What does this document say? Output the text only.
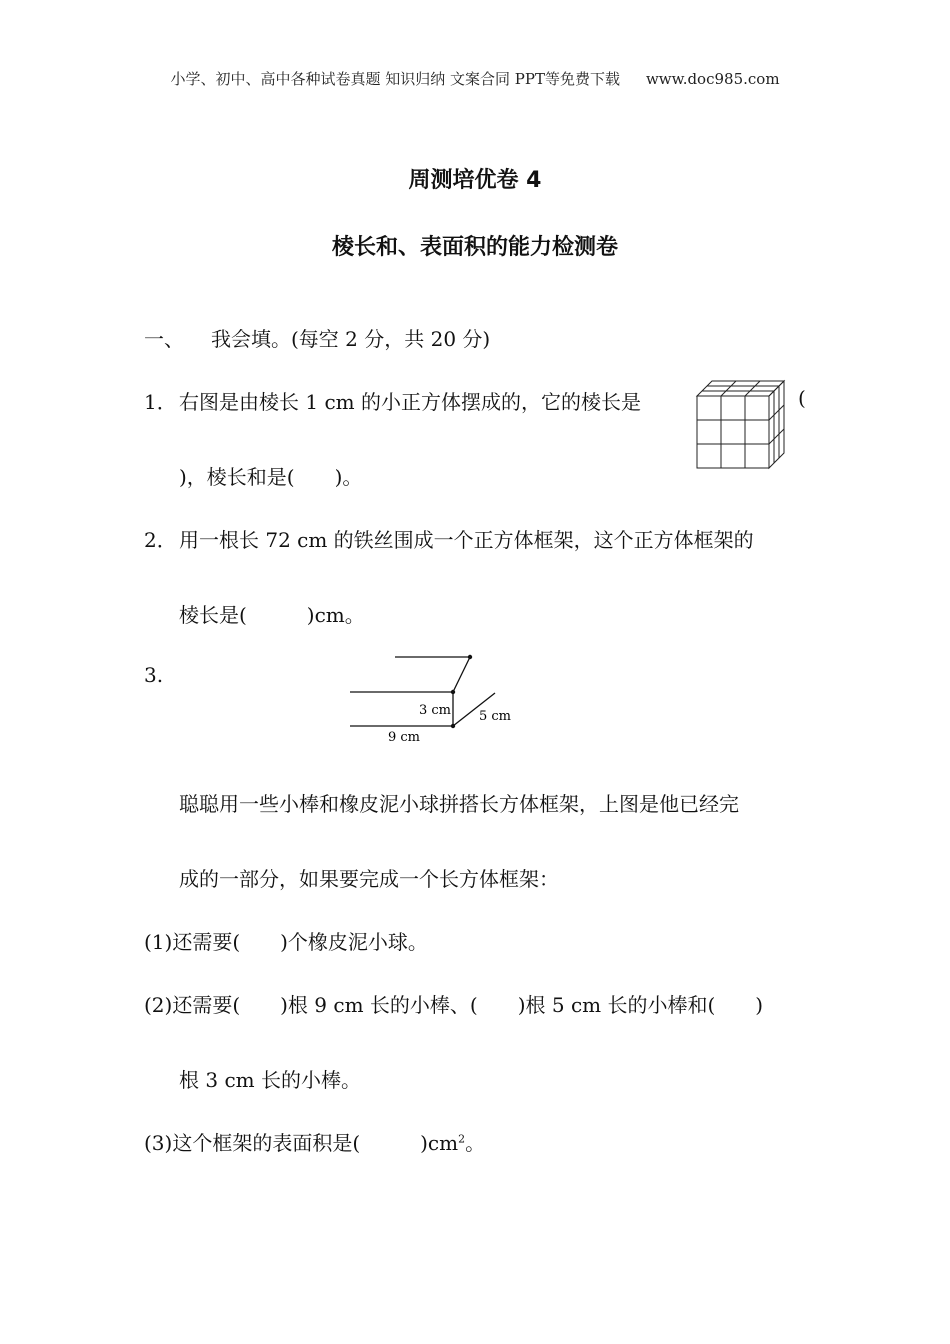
小学、初中、高中各种试卷真题 知识归纳 文案合同 PPT等免费下载 www.doc985.com
周测培优卷 4
棱长和、表面积的能力检测卷
一、 我会填。(每空 2 分，共 20 分)
1． 右图是由棱长 1 cm 的小正方体摆成的，它的棱长是	(
)，棱长和是(　　)。
2． 用一根长 72 cm 的铁丝围成一个正方体框架，这个正方体框架的
棱长是(　　　)cm。
3.
3 cm 5 cm
9 cm
聪聪用一些小棒和橡皮泥小球拼搭长方体框架，上图是他已经完
成的一部分，如果要完成一个长方体框架：
(1)还需要(　　)个橡皮泥小球。
(2)还需要(　　)根 9 cm 长的小棒、(　　)根 5 cm 长的小棒和(　　)
根 3 cm 长的小棒。
(3)这个框架的表面积是(　　　)$cm^2$。
